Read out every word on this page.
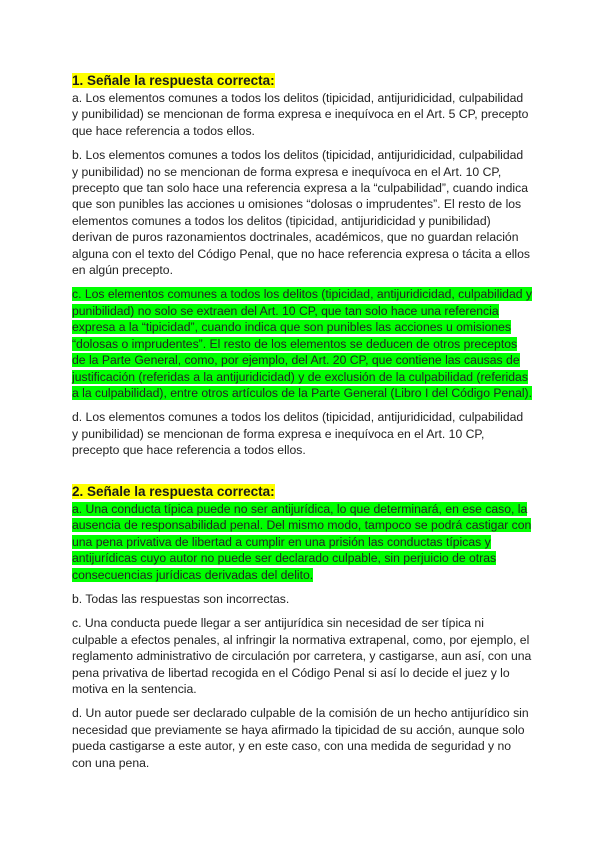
1. Señale la respuesta correcta:

a. Los elementos comunes a todos los delitos (tipicidad, antijuridicidad, culpabilidad y punibilidad) se mencionan de forma expresa e inequívoca en el Art. 5 CP, precepto que hace referencia a todos ellos.

b. Los elementos comunes a todos los delitos (tipicidad, antijuridicidad, culpabilidad y punibilidad) no se mencionan de forma expresa e inequívoca en el Art. 10 CP, precepto que tan solo hace una referencia expresa a la “culpabilidad”, cuando indica que son punibles las acciones u omisiones “dolosas o imprudentes”. El resto de los elementos comunes a todos los delitos (tipicidad, antijuridicidad y punibilidad) derivan de puros razonamientos doctrinales, académicos, que no guardan relación alguna con el texto del Código Penal, que no hace referencia expresa o tácita a ellos en algún precepto.

c. Los elementos comunes a todos los delitos (tipicidad, antijuridicidad, culpabilidad y punibilidad) no solo se extraen del Art. 10 CP, que tan solo hace una referencia expresa a la “tipicidad”, cuando indica que son punibles las acciones u omisiones “dolosas o imprudentes”. El resto de los elementos se deducen de otros preceptos de la Parte General, como, por ejemplo, del Art. 20 CP, que contiene las causas de justificación (referidas a la antijuridicidad) y de exclusión de la culpabilidad (referidas a la culpabilidad), entre otros artículos de la Parte General (Libro I del Código Penal).

d. Los elementos comunes a todos los delitos (tipicidad, antijuridicidad, culpabilidad y punibilidad) se mencionan de forma expresa e inequívoca en el Art. 10 CP, precepto que hace referencia a todos ellos.

2. Señale la respuesta correcta:

a. Una conducta típica puede no ser antijurídica, lo que determinará, en ese caso, la ausencia de responsabilidad penal. Del mismo modo, tampoco se podrá castigar con una pena privativa de libertad a cumplir en una prisión las conductas típicas y antijurídicas cuyo autor no puede ser declarado culpable, sin perjuicio de otras consecuencias jurídicas derivadas del delito.

b. Todas las respuestas son incorrectas.

c. Una conducta puede llegar a ser antijurídica sin necesidad de ser típica ni culpable a efectos penales, al infringir la normativa extrapenal, como, por ejemplo, el reglamento administrativo de circulación por carretera, y castigarse, aun así, con una pena privativa de libertad recogida en el Código Penal si así lo decide el juez y lo motiva en la sentencia.

d. Un autor puede ser declarado culpable de la comisión de un hecho antijurídico sin necesidad que previamente se haya afirmado la tipicidad de su acción, aunque solo pueda castigarse a este autor, y en este caso, con una medida de seguridad y no con una pena.
